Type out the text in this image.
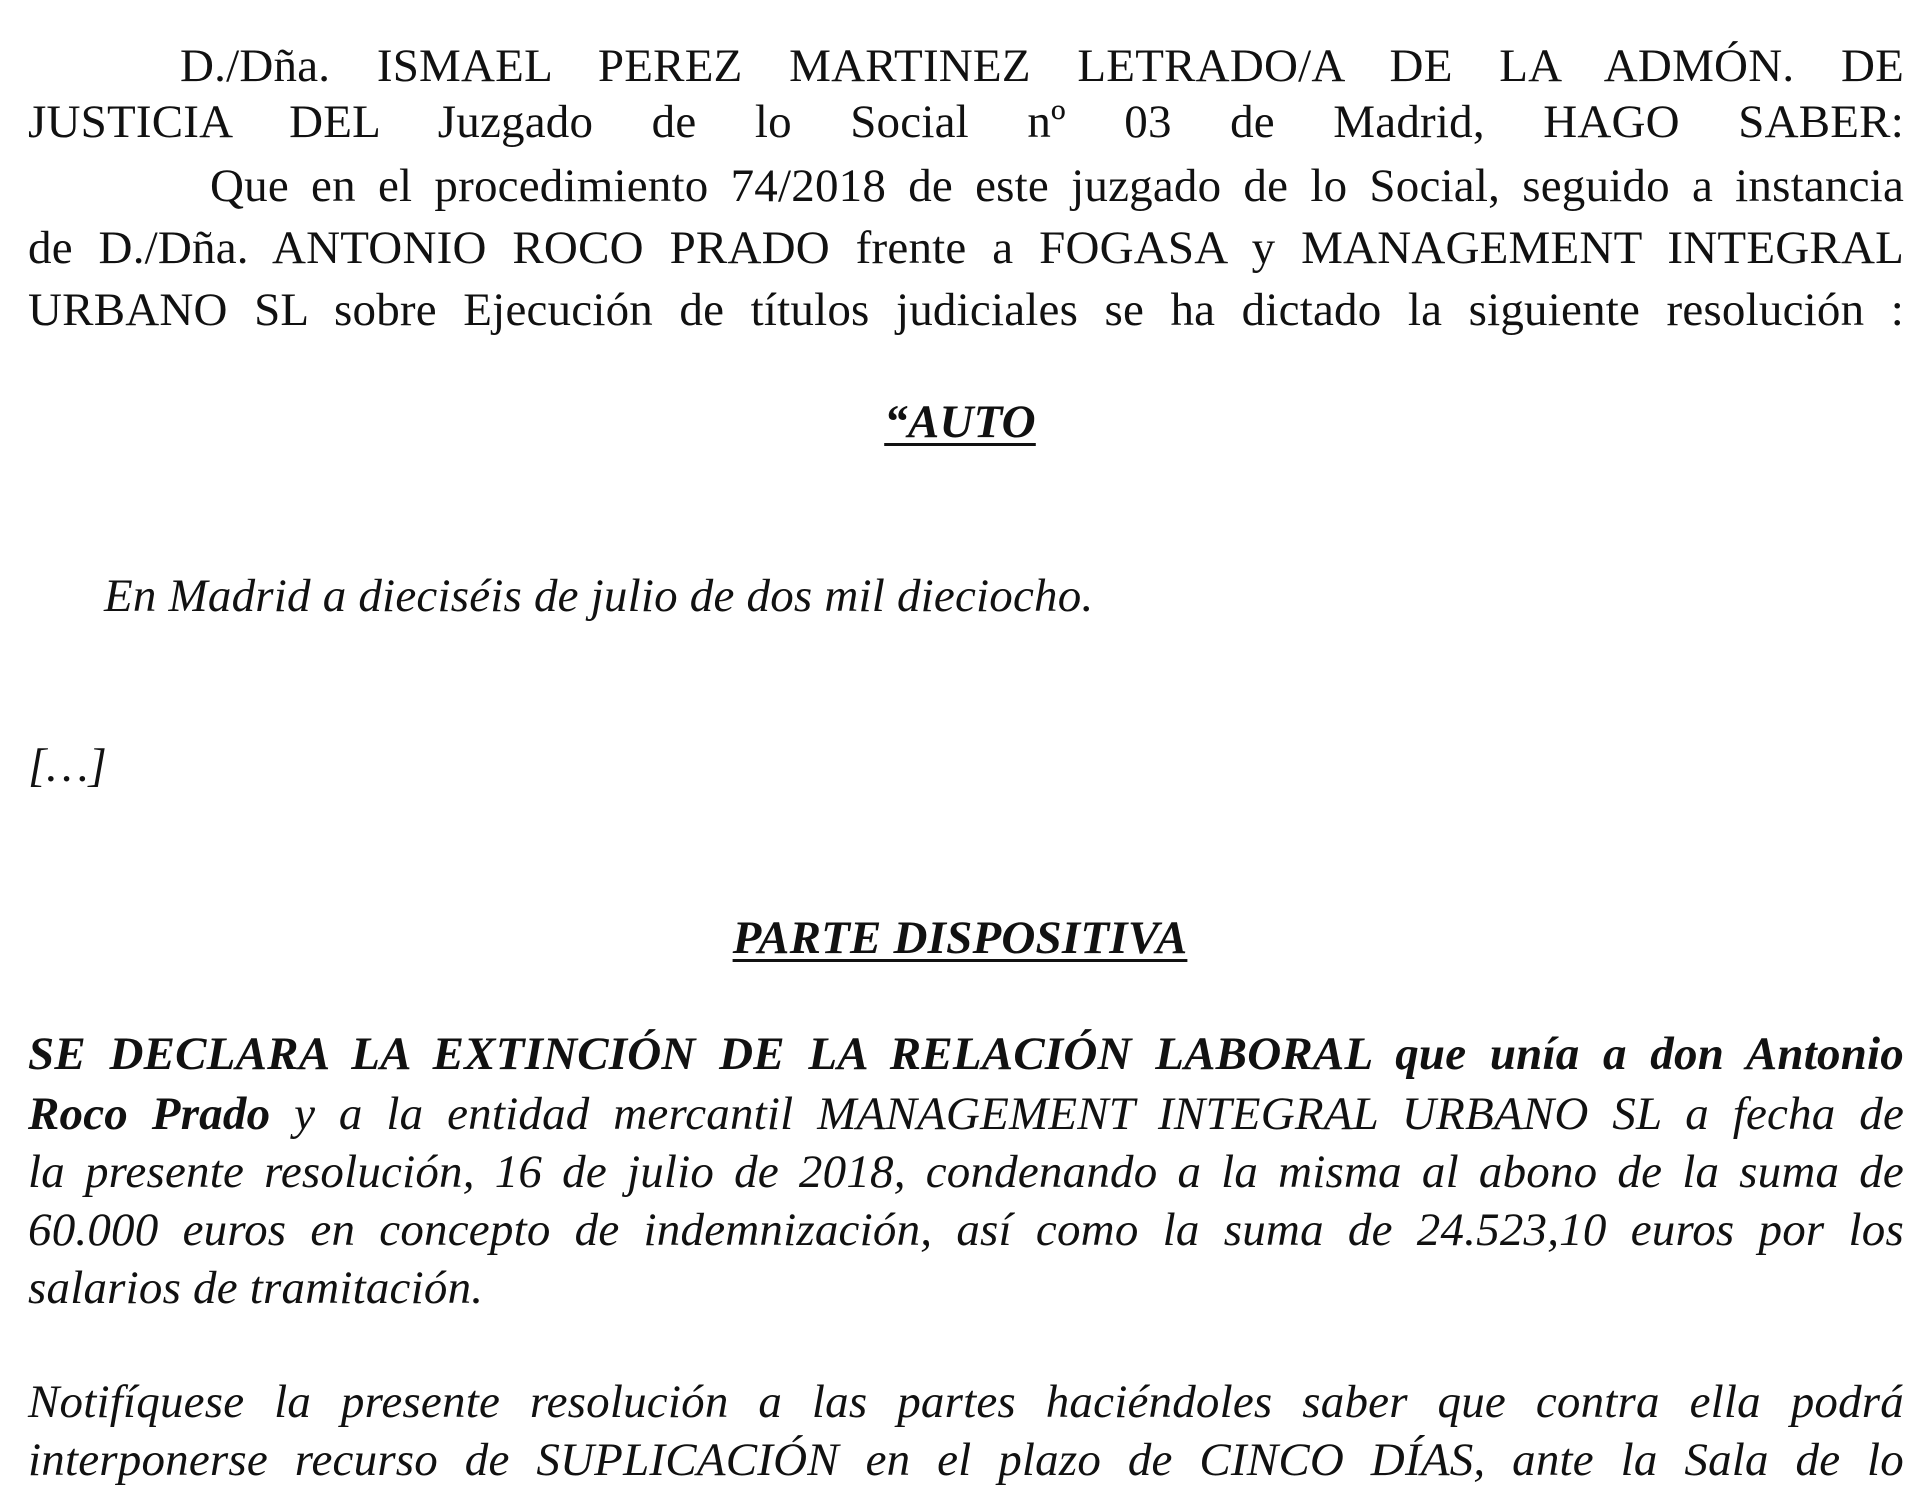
D./Dña. ISMAEL PEREZ MARTINEZ LETRADO/A DE LA ADMÓN. DE
JUSTICIA DEL Juzgado de lo Social nº 03 de Madrid, HAGO SABER:
Que en el procedimiento 74/2018 de este juzgado de lo Social, seguido a instancia
de D./Dña. ANTONIO ROCO PRADO frente a FOGASA y MANAGEMENT INTEGRAL
URBANO SL sobre Ejecución de títulos judiciales se ha dictado la siguiente resolución :
“AUTO
En Madrid a dieciséis de julio de dos mil dieciocho.
[…]
PARTE DISPOSITIVA
SE DECLARA LA EXTINCIÓN DE LA RELACIÓN LABORAL que unía a don Antonio
Roco Prado y a la entidad mercantil MANAGEMENT INTEGRAL URBANO SL a fecha de
la presente resolución, 16 de julio de 2018, condenando a la misma al abono de la suma de
60.000 euros en concepto de indemnización, así como la suma de 24.523,10 euros por los
salarios de tramitación.
Notifíquese la presente resolución a las partes haciéndoles saber que contra ella podrá
interponerse recurso de SUPLICACIÓN en el plazo de CINCO DÍAS, ante la Sala de lo
